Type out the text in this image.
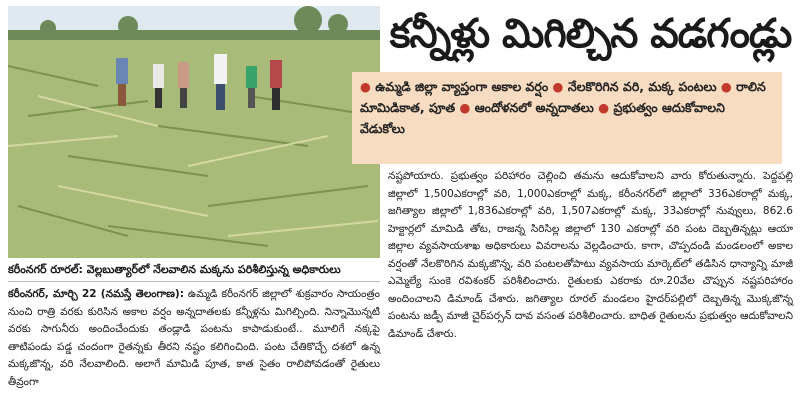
కరీంనగర్ రూరల్: వెల్లబుత్యార్‌లో నేలవాలిన మక్కను పరిశీలిస్తున్న అధికారులు
కన్నీళ్లు మిగిల్చిన వడగండ్లు
● ఉమ్మడి జిల్లా వ్యాప్తంగా అకాల వర్షం ● నేలకొరిగిన వరి, మక్క పంటలు ● రాలిన మామిడికాత, పూత ● ఆందోళనలో అన్నదాతలు ● ప్రభుత్వం ఆదుకోవాలని వేడుకోలు

కరీంనగర్, మార్చి 22 (నమస్తే తెలంగాణ): ఉమ్మడి కరీంనగర్ జిల్లాలో శుక్రవారం సాయంత్రం నుంచి రాత్రి వరకు కురిసిన అకాల వర్షం అన్నదాతలకు కన్నీళ్లను మిగిల్చింది. నిన్నామొన్నటి వరకు సాగునీరు అందించేందుకు తండ్లాడి పంటను కాపాడుకుంటే.. మూలిగే నక్కపై తాటిపండు పడ్డ చందంగా రైతన్నకు తీరని నష్టం కలిగించింది. పంట చేతికొచ్చే దశలో ఉన్న మక్కజొన్న, వరి నేలవాలింది. అలాగే మామిడి పూత, కాత సైతం రాలిపోవడంతో రైతులు తీవ్రంగా

నష్టపోయారు. ప్రభుత్వం పరిహారం చెల్లించి తమను ఆదుకోవాలని వారు కోరుతున్నారు. పెద్దపల్లి జిల్లాలో 1,500ఎకరాల్లో వరి, 1,000ఎకరాల్లో మక్క, కరీంనగర్‌లో జిల్లాలో 336ఎకరాల్లో మక్క, జగిత్యాల జిల్లాలో 1,836ఎకరాల్లో వరి, 1,507ఎకరాల్లో మక్క, 33ఎకరాల్లో నువ్వులు, 862.6 హెక్టార్లలో మామిడి తోట, రాజన్న సిరిసిల్ల జిల్లాలో 130 ఎకరాల్లో వరి పంట దెబ్బతిన్నట్లు ఆయా జిల్లాల వ్యవసాయశాఖ అధికారులు వివరాలను వెల్లడించారు. కాగా, చొప్పదండి మండలంలో అకాల వర్షంతో నేలకొరిగిన మక్కజొన్న, వరి పంటలతోపాటు వ్యవసాయ మార్కెట్‌లో తడిసిన ధాన్యాన్ని మాజీ ఎమ్మెల్యే సుంకె రవిశంకర్ పరిశీలించారు. రైతులకు ఎకరాకు రూ.20వేల చొప్పున నష్టపరిహారం అందించాలని డిమాండ్ చేశారు. జగిత్యాల రూరల్ మండలం హైదర్‌పల్లిలో దెబ్బతిన్న మొక్కజొన్న పంటను జడ్పీ మాజీ చైర్‌పర్సన్ దావ వసంత పరిశీలించారు. బాధిత రైతులను ప్రభుత్వం ఆదుకోవాలని డిమాండ్ చేశారు.
